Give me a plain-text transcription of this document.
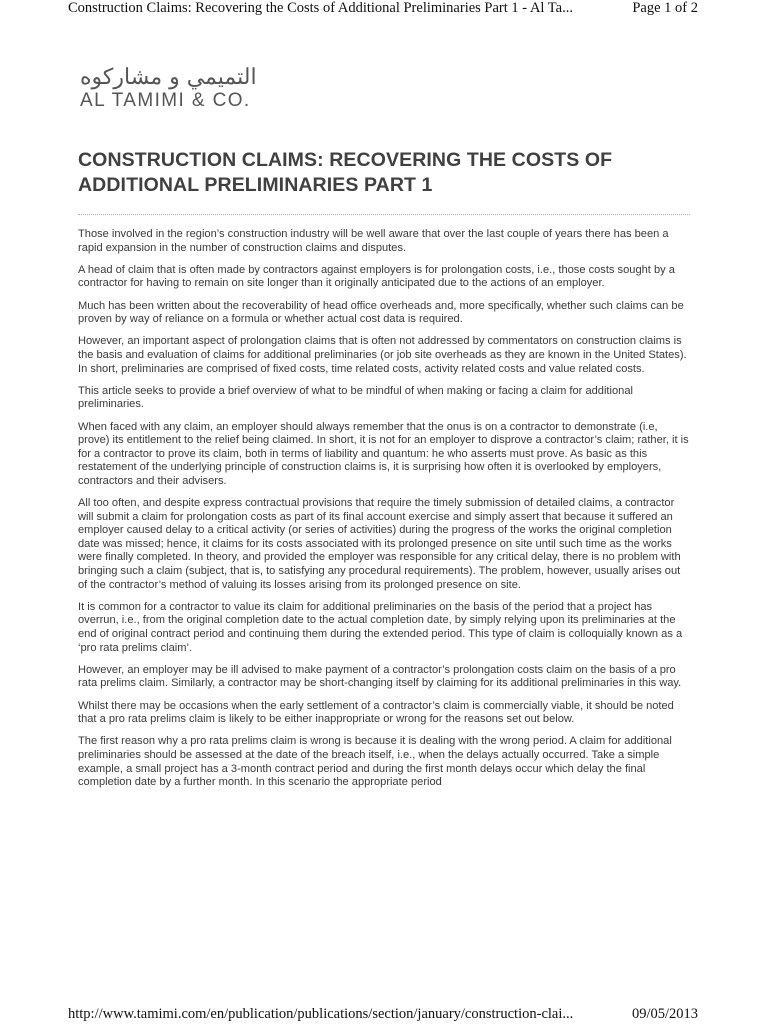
Construction Claims: Recovering the Costs of Additional Preliminaries Part 1 - Al Ta...	Page 1 of 2
التميمي و مشاركوه
AL TAMIMI & CO.
CONSTRUCTION CLAIMS: RECOVERING THE COSTS OF ADDITIONAL PRELIMINARIES PART 1

Those involved in the region’s construction industry will be well aware that over the last couple of years there has been a rapid expansion in the number of construction claims and disputes.

A head of claim that is often made by contractors against employers is for prolongation costs, i.e., those costs sought by a contractor for having to remain on site longer than it originally anticipated due to the actions of an employer.

Much has been written about the recoverability of head office overheads and, more specifically, whether such claims can be proven by way of reliance on a formula or whether actual cost data is required.

However, an important aspect of prolongation claims that is often not addressed by commentators on construction claims is the basis and evaluation of claims for additional preliminaries (or job site overheads as they are known in the United States). In short, preliminaries are comprised of fixed costs, time related costs, activity related costs and value related costs.

This article seeks to provide a brief overview of what to be mindful of when making or facing a claim for additional preliminaries.

When faced with any claim, an employer should always remember that the onus is on a contractor to demonstrate (i.e, prove) its entitlement to the relief being claimed. In short, it is not for an employer to disprove a contractor’s claim; rather, it is for a contractor to prove its claim, both in terms of liability and quantum: he who asserts must prove. As basic as this restatement of the underlying principle of construction claims is, it is surprising how often it is overlooked by employers, contractors and their advisers.

All too often, and despite express contractual provisions that require the timely submission of detailed claims, a contractor will submit a claim for prolongation costs as part of its final account exercise and simply assert that because it suffered an employer caused delay to a critical activity (or series of activities) during the progress of the works the original completion date was missed; hence, it claims for its costs associated with its prolonged presence on site until such time as the works were finally completed. In theory, and provided the employer was responsible for any critical delay, there is no problem with bringing such a claim (subject, that is, to satisfying any procedural requirements). The problem, however, usually arises out of the contractor’s method of valuing its losses arising from its prolonged presence on site.

It is common for a contractor to value its claim for additional preliminaries on the basis of the period that a project has overrun, i.e., from the original completion date to the actual completion date, by simply relying upon its preliminaries at the end of original contract period and continuing them during the extended period. This type of claim is colloquially known as a ‘pro rata prelims claim’.

However, an employer may be ill advised to make payment of a contractor’s prolongation costs claim on the basis of a pro rata prelims claim. Similarly, a contractor may be short-changing itself by claiming for its additional preliminaries in this way.

Whilst there may be occasions when the early settlement of a contractor’s claim is commercially viable, it should be noted that a pro rata prelims claim is likely to be either inappropriate or wrong for the reasons set out below.

The first reason why a pro rata prelims claim is wrong is because it is dealing with the wrong period. A claim for additional preliminaries should be assessed at the date of the breach itself, i.e., when the delays actually occurred. Take a simple example, a small project has a 3-month contract period and during the first month delays occur which delay the final completion date by a further month. In this scenario the appropriate period

http://www.tamimi.com/en/publication/publications/section/january/construction-clai...	09/05/2013
